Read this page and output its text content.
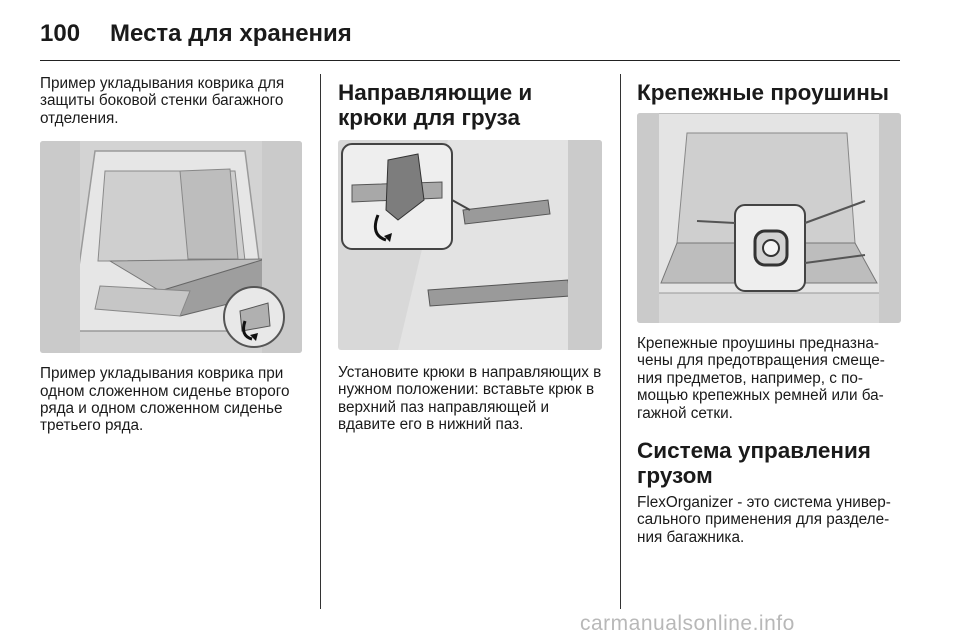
100 Места для хранения

Пример укладывания коврика для защиты боковой стенки багажного отделения.

Пример укладывания коврика при одном сложенном сиденье второго ряда и одном сложенном сиденье третьего ряда.

Направляющие и крюки для груза

Установите крюки в направляющих в нужном положении: вставьте крюк в верхний паз направляющей и вдавите его в нижний паз.

Крепежные проушины

Крепежные проушины предназна- чены для предотвращения смеще- ния предметов, например, с по- мощью крепежных ремней или ба- гажной сетки.

Система управления грузом

FlexOrganizer - это система универ- сального применения для разделе- ния багажника.

carmanualsonline.info
